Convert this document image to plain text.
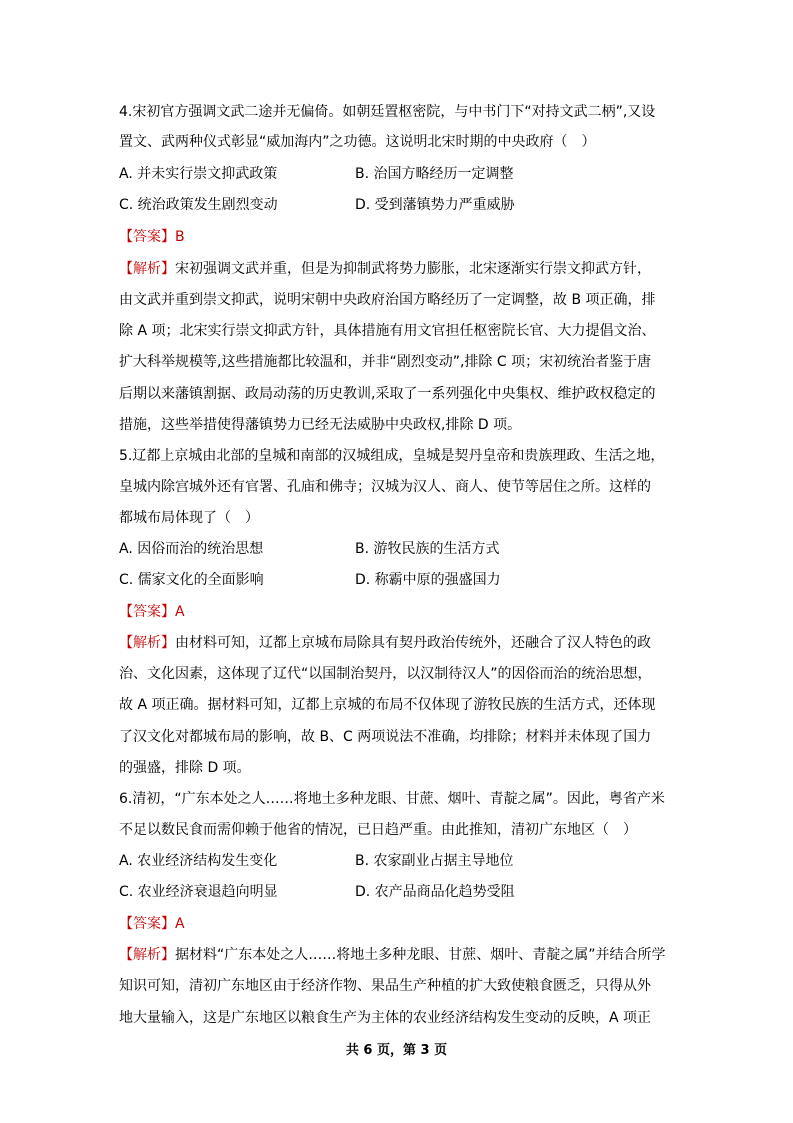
4.宋初官方强调文武二途并无偏倚。如朝廷置枢密院，与中书门下“对持文武二柄”,又设
置文、武两种仪式彰显“威加海内”之功德。这说明北宋时期的中央政府（　）
A. 并未实行崇文抑武政策	B. 治国方略经历一定调整
C. 统治政策发生剧烈变动	D. 受到藩镇势力严重威胁
【答案】B
【解析】宋初强调文武并重，但是为抑制武将势力膨胀，北宋逐渐实行崇文抑武方针，
由文武并重到崇文抑武，说明宋朝中央政府治国方略经历了一定调整，故 B 项正确，排
除 A 项；北宋实行崇文抑武方针，具体措施有用文官担任枢密院长官、大力提倡文治、
扩大科举规模等,这些措施都比较温和，并非“剧烈变动”,排除 C 项；宋初统治者鉴于唐
后期以来藩镇割据、政局动荡的历史教训,采取了一系列强化中央集权、维护政权稳定的
措施，这些举措使得藩镇势力已经无法威胁中央政权,排除 D 项。
5.辽都上京城由北部的皇城和南部的汉城组成，皇城是契丹皇帝和贵族理政、生活之地，
皇城内除宫城外还有官署、孔庙和佛寺；汉城为汉人、商人、使节等居住之所。这样的
都城布局体现了（　）
A. 因俗而治的统治思想	B. 游牧民族的生活方式
C. 儒家文化的全面影响	D. 称霸中原的强盛国力
【答案】A
【解析】由材料可知，辽都上京城布局除具有契丹政治传统外，还融合了汉人特色的政
治、文化因素，这体现了辽代“以国制治契丹，以汉制待汉人”的因俗而治的统治思想，
故 A 项正确。据材料可知，辽都上京城的布局不仅体现了游牧民族的生活方式，还体现
了汉文化对都城布局的影响，故 B、C 两项说法不准确，均排除；材料并未体现了国力
的强盛，排除 D 项。
6.清初，“广东本处之人……将地土多种龙眼、甘蔗、烟叶、青靛之属”。因此，粤省产米
不足以数民食而需仰赖于他省的情况，已日趋严重。由此推知，清初广东地区（　）
A. 农业经济结构发生变化	B. 农家副业占据主导地位
C. 农业经济衰退趋向明显	D. 农产品商品化趋势受阻
【答案】A
【解析】据材料“广东本处之人……将地土多种龙眼、甘蔗、烟叶、青靛之属”并结合所学
知识可知，清初广东地区由于经济作物、果品生产种植的扩大致使粮食匮乏，只得从外
地大量输入，这是广东地区以粮食生产为主体的农业经济结构发生变动的反映，A 项正
共 6 页，第 3 页
